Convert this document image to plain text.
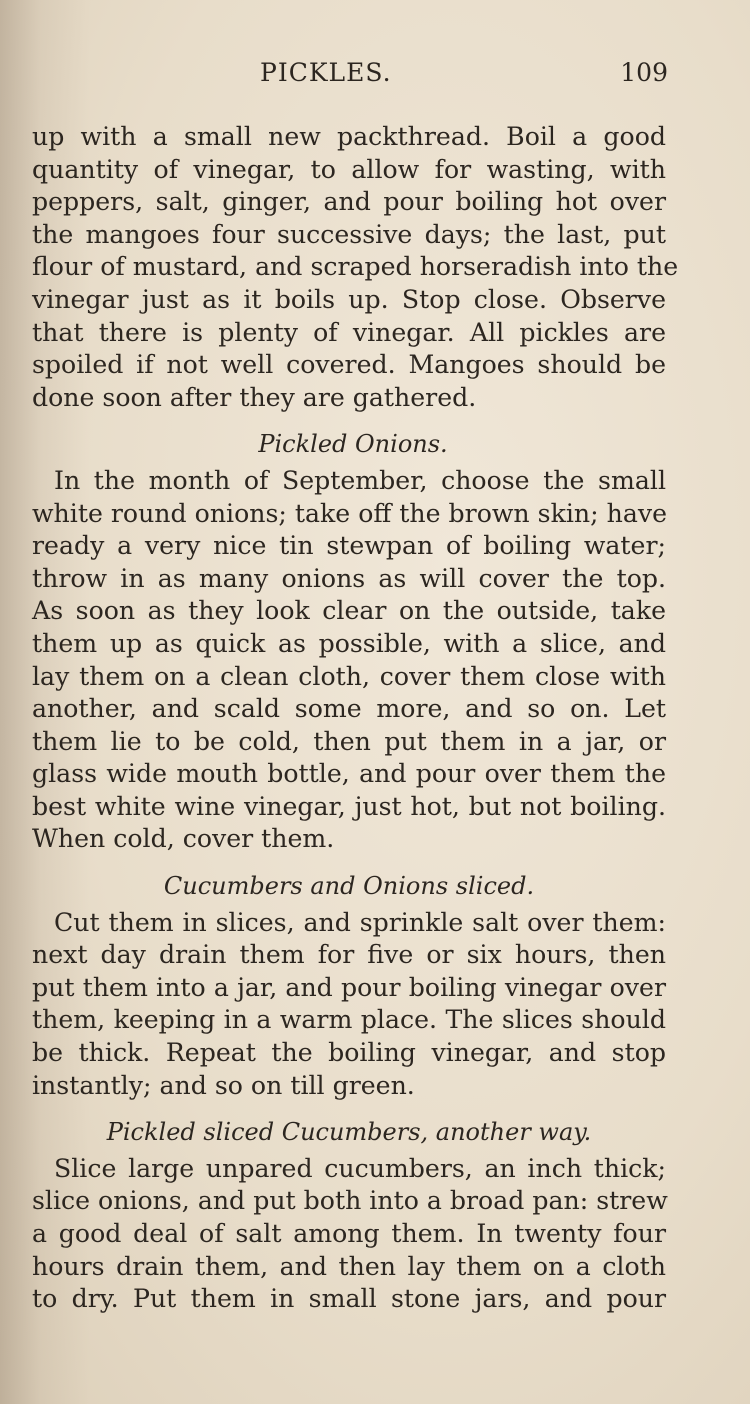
PICKLES.	109
up with a small new packthread. Boil a good
quantity of vinegar, to allow for wasting, with
peppers, salt, ginger, and pour boiling hot over
the mangoes four successive days; the last, put
flour of mustard, and scraped horseradish into the
vinegar just as it boils up. Stop close. Observe
that there is plenty of vinegar. All pickles are
spoiled if not well covered. Mangoes should be
done soon after they are gathered.
Pickled Onions.
In the month of September, choose the small
white round onions; take off the brown skin; have
ready a very nice tin stewpan of boiling water;
throw in as many onions as will cover the top.
As soon as they look clear on the outside, take
them up as quick as possible, with a slice, and
lay them on a clean cloth, cover them close with
another, and scald some more, and so on. Let
them lie to be cold, then put them in a jar, or
glass wide mouth bottle, and pour over them the
best white wine vinegar, just hot, but not boiling.
When cold, cover them.
Cucumbers and Onions sliced.
Cut them in slices, and sprinkle salt over them:
next day drain them for five or six hours, then
put them into a jar, and pour boiling vinegar over
them, keeping in a warm place. The slices should
be thick. Repeat the boiling vinegar, and stop
instantly; and so on till green.
Pickled sliced Cucumbers, another way.
Slice large unpared cucumbers, an inch thick;
slice onions, and put both into a broad pan: strew
a good deal of salt among them. In twenty four
hours drain them, and then lay them on a cloth
to dry. Put them in small stone jars, and pour
